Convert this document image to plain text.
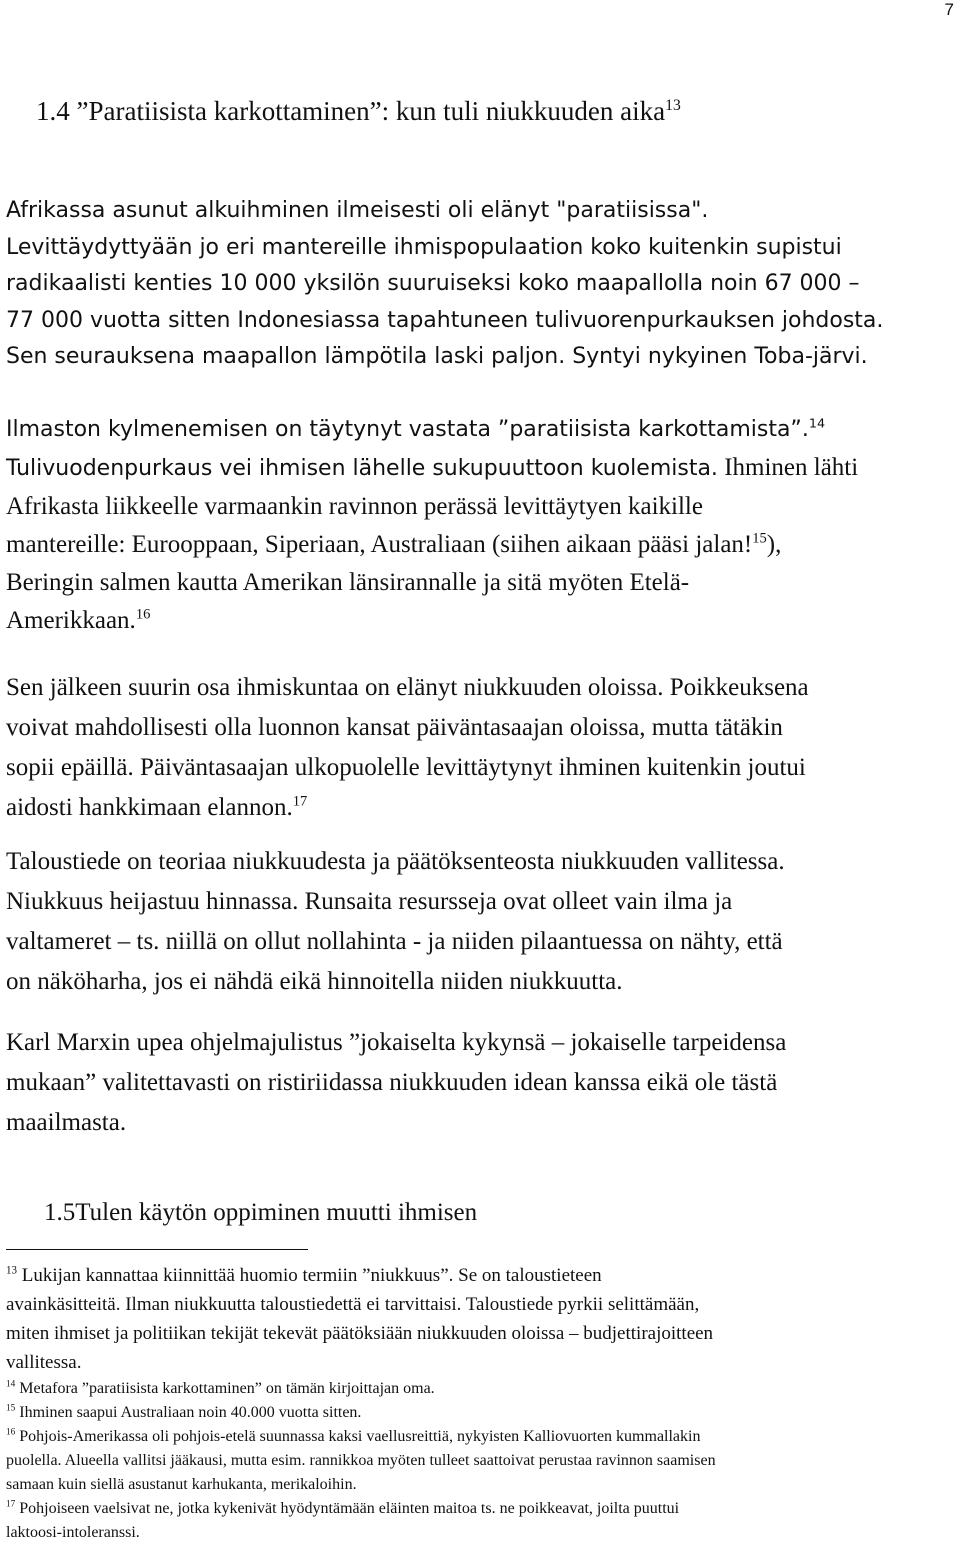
7
1.4 ”Paratiisista karkottaminen”: kun tuli niukkuuden aika$^{13}$
Afrikassa asunut alkuihminen ilmeisesti oli elänyt "paratiisissa".
Levittäydyttyään jo eri mantereille ihmispopulaation koko kuitenkin supistui
radikaalisti kenties 10 000 yksilön suuruiseksi koko maapallolla noin 67 000 –
77 000 vuotta sitten Indonesiassa tapahtuneen tulivuorenpurkauksen johdosta.
Sen seurauksena maapallon lämpötila laski paljon. Syntyi nykyinen Toba-järvi.
Ilmaston kylmenemisen on täytynyt vastata ”paratiisista karkottamista”.$^{14}$
Tulivuodenpurkaus vei ihmisen lähelle sukupuuttoon kuolemista. Ihminen lähti
Afrikasta liikkeelle varmaankin ravinnon perässä levittäytyen kaikille
mantereille: Eurooppaan, Siperiaan, Australiaan (siihen aikaan pääsi jalan!$^{15}$),
Beringin salmen kautta Amerikan länsirannalle ja sitä myöten Etelä-
Amerikkaan.$^{16}$
Sen jälkeen suurin osa ihmiskuntaa on elänyt niukkuuden oloissa. Poikkeuksena
voivat mahdollisesti olla luonnon kansat päiväntasaajan oloissa, mutta tätäkin
sopii epäillä. Päiväntasaajan ulkopuolelle levittäytynyt ihminen kuitenkin joutui
aidosti hankkimaan elannon.$^{17}$
Taloustiede on teoriaa niukkuudesta ja päätöksenteosta niukkuuden vallitessa.
Niukkuus heijastuu hinnassa. Runsaita resursseja ovat olleet vain ilma ja
valtameret – ts. niillä on ollut nollahinta - ja niiden pilaantuessa on nähty, että
on näköharha, jos ei nähdä eikä hinnoitella niiden niukkuutta.
Karl Marxin upea ohjelmajulistus ”jokaiselta kykynsä – jokaiselle tarpeidensa
mukaan” valitettavasti on ristiriidassa niukkuuden idean kanssa eikä ole tästä
maailmasta.
1.5Tulen käytön oppiminen muutti ihmisen

$^{13}$ Lukijan kannattaa kiinnittää huomio termiin ”niukkuus”. Se on taloustieteen
avainkäsitteitä. Ilman niukkuutta taloustiedettä ei tarvittaisi. Taloustiede pyrkii selittämään,
miten ihmiset ja politiikan tekijät tekevät päätöksiään niukkuuden oloissa – budjettirajoitteen
vallitessa.

$^{14}$ Metafora ”paratiisista karkottaminen” on tämän kirjoittajan oma.

$^{15}$ Ihminen saapui Australiaan noin 40.000 vuotta sitten.

$^{16}$ Pohjois-Amerikassa oli pohjois-etelä suunnassa kaksi vaellusreittiä, nykyisten Kalliovuorten kummallakin
puolella. Alueella vallitsi jääkausi, mutta esim. rannikkoa myöten tulleet saattoivat perustaa ravinnon saamisen
samaan kuin siellä asustanut karhukanta, merikaloihin.

$^{17}$ Pohjoiseen vaelsivat ne, jotka kykenivät hyödyntämään eläinten maitoa ts. ne poikkeavat, joilta puuttui
laktoosi-intoleranssi.
